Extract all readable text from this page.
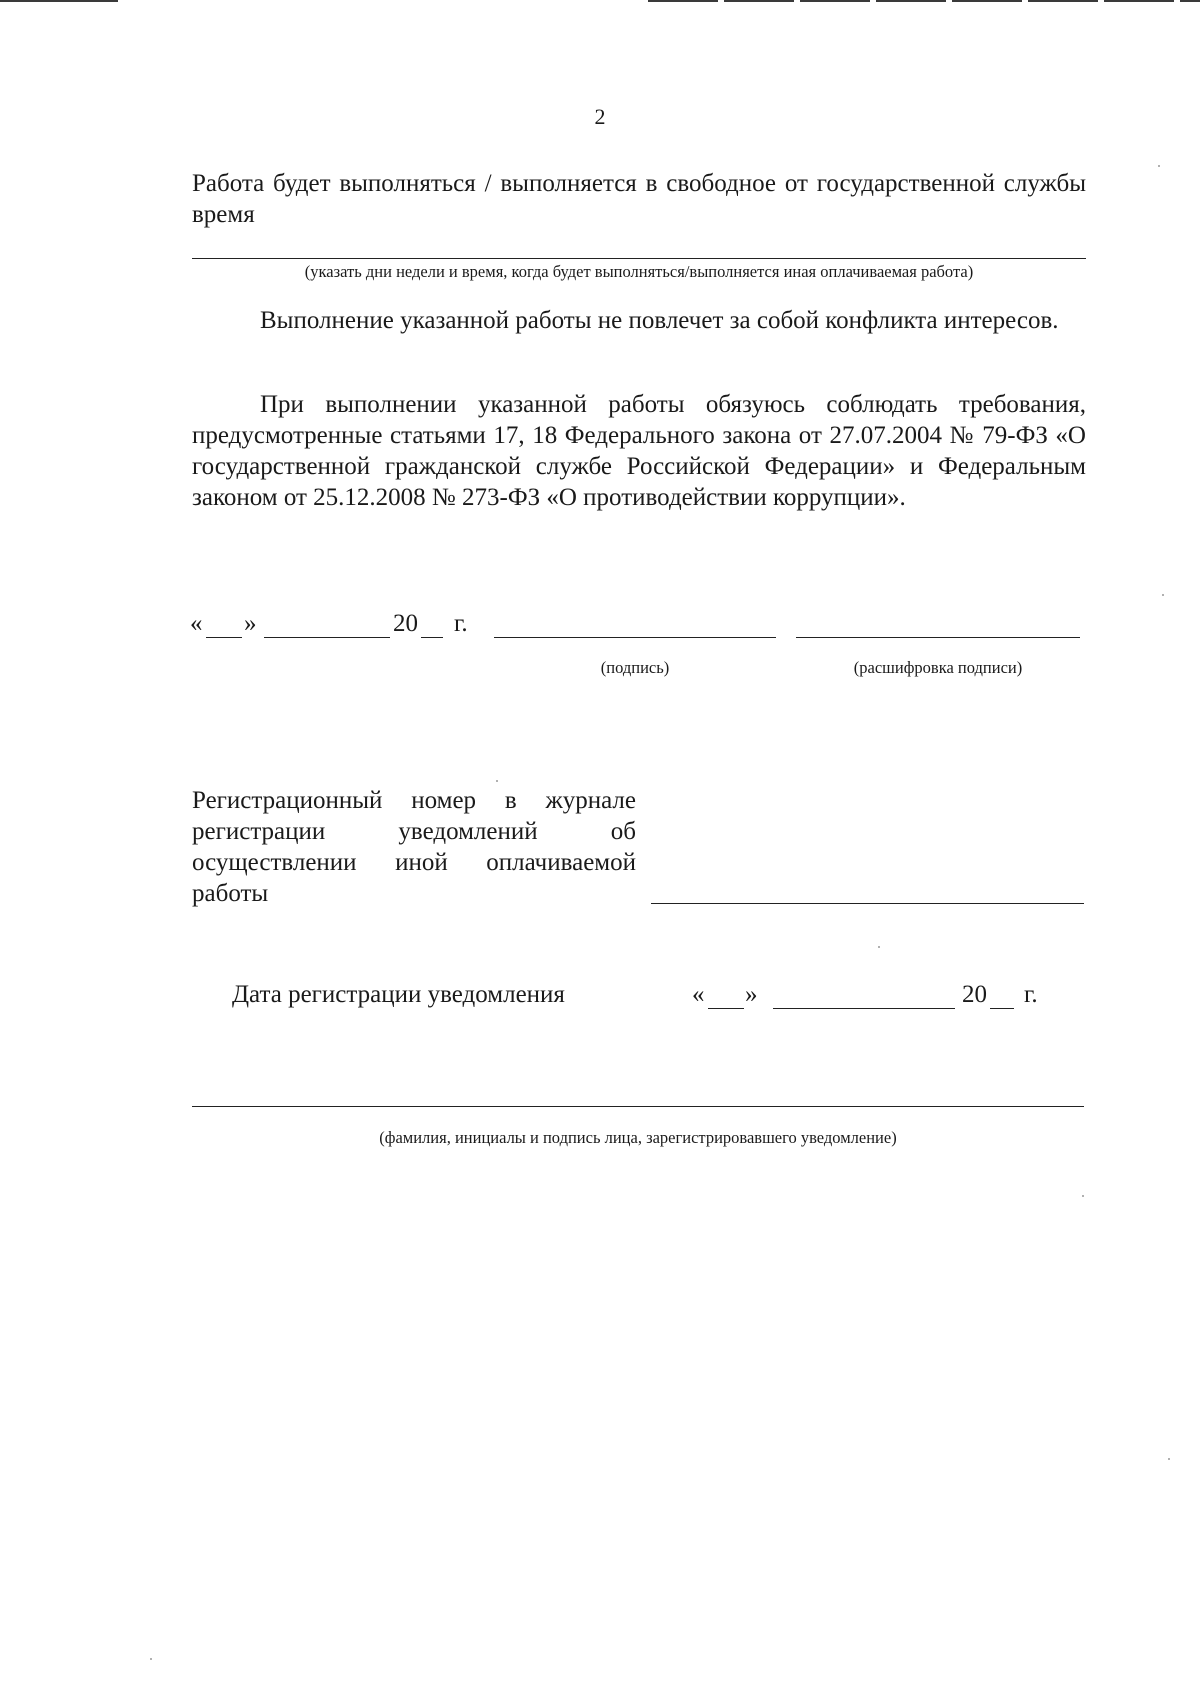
2
Работа будет выполняться / выполняется в свободное от государственной службы время
(указать дни недели и время, когда будет выполняться/выполняется иная оплачиваемая работа)
Выполнение указанной работы не повлечет за собой конфликта интересов.
При выполнении указанной работы обязуюсь соблюдать требования, предусмотренные статьями 17, 18 Федерального закона от 27.07.2004 № 79-ФЗ «О государственной гражданской службе Российской Федерации» и Федеральным законом от 25.12.2008 № 273-ФЗ «О противодействии коррупции».
« »	20 г.
(подпись)	(расшифровка подписи)
Регистрационный номер в журнале регистрации уведомлений об осуществлении иной оплачиваемой работы
Дата регистрации уведомления	« »	20 г.
(фамилия, инициалы и подпись лица, зарегистрировавшего уведомление)
